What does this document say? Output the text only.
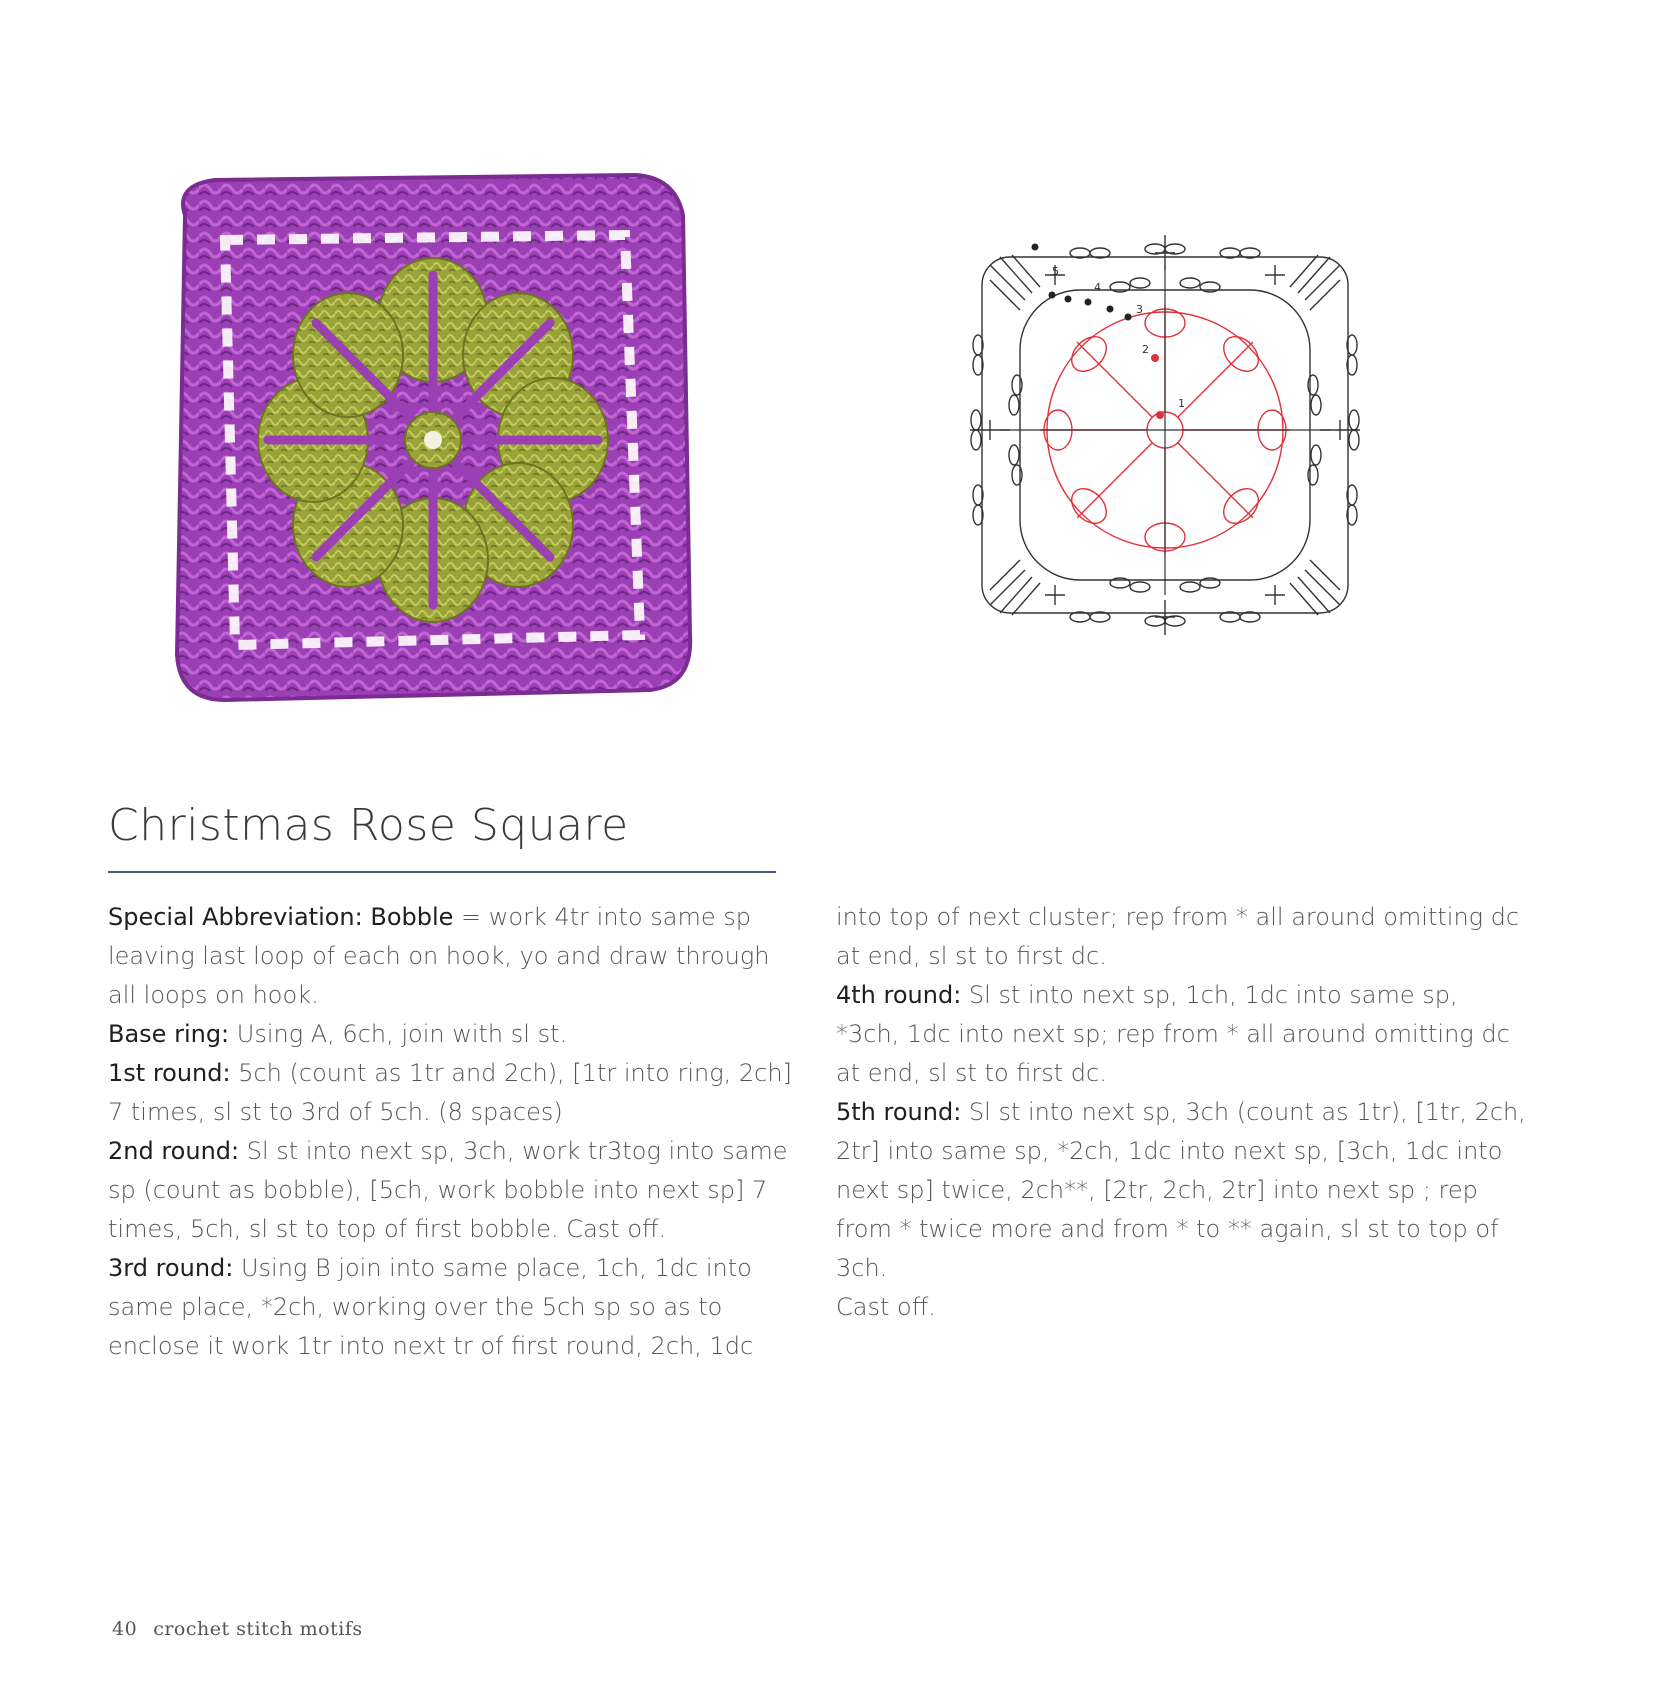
1
2
3
4
5
Christmas Rose Square

Special Abbreviation: Bobble = work 4tr into same sp leaving last loop of each on hook, yo and draw through all loops on hook.

Base ring: Using A, 6ch, join with sl st.

1st round: 5ch (count as 1tr and 2ch), [1tr into ring, 2ch] 7 times, sl st to 3rd of 5ch. (8 spaces)

2nd round: Sl st into next sp, 3ch, work tr3tog into same sp (count as bobble), [5ch, work bobble into next sp] 7 times, 5ch, sl st to top of first bobble. Cast off.

3rd round: Using B join into same place, 1ch, 1dc into same place, *2ch, working over the 5ch sp so as to enclose it work 1tr into next tr of first round, 2ch, 1dc

into top of next cluster; rep from * all around omitting dc at end, sl st to first dc.

4th round: Sl st into next sp, 1ch, 1dc into same sp, *3ch, 1dc into next sp; rep from * all around omitting dc at end, sl st to first dc.

5th round: Sl st into next sp, 3ch (count as 1tr), [1tr, 2ch, 2tr] into same sp, *2ch, 1dc into next sp, [3ch, 1dc into next sp] twice, 2ch**, [2tr, 2ch, 2tr] into next sp ; rep from * twice more and from * to ** again, sl st to top of 3ch.

Cast off.

40 crochet stitch motifs
